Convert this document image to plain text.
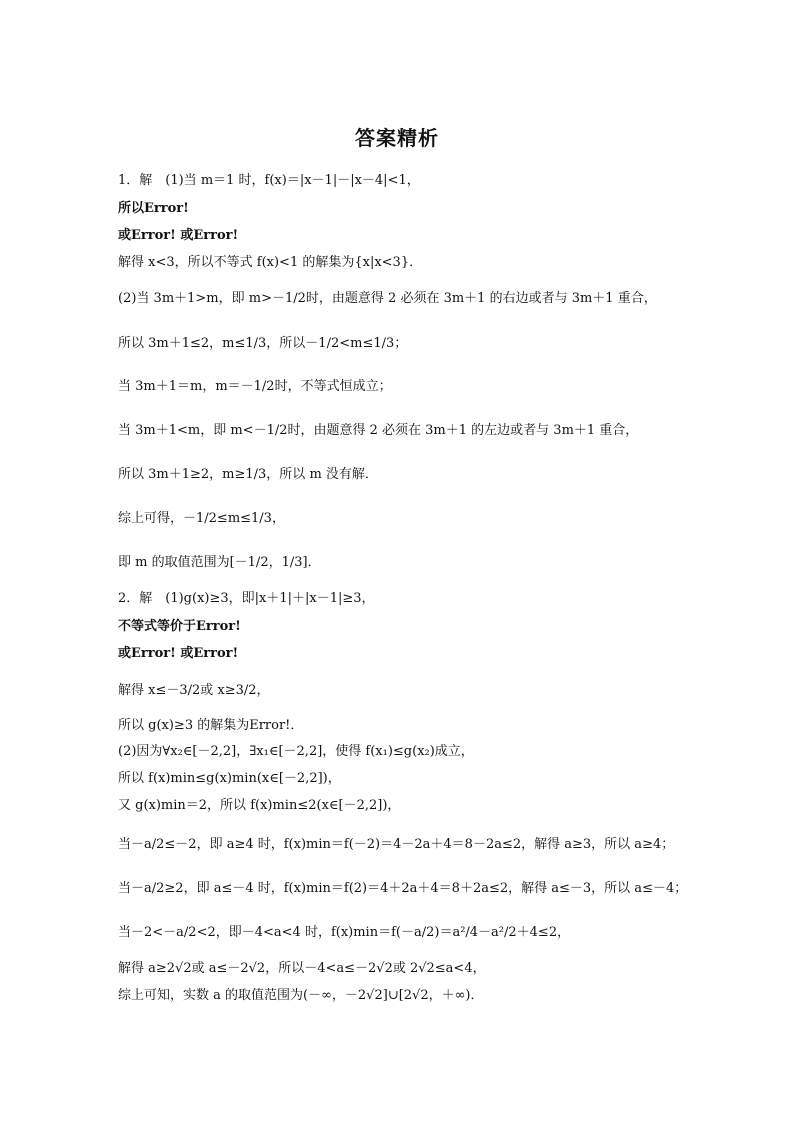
答案精析
1．解　(1)当 m＝1 时，f(x)＝|x－1|－|x－4|<1，
所以Error!
或Error! 或Error!
解得 x<3，所以不等式 f(x)<1 的解集为{x|x<3}．
(2)当 3m＋1>m，即 m>－1/2时，由题意得 2 必须在 3m＋1 的右边或者与 3m＋1 重合，
所以 3m＋1≤2，m≤1/3，所以－1/2<m≤1/3；
当 3m＋1＝m，m＝－1/2时，不等式恒成立；
当 3m＋1<m，即 m<－1/2时，由题意得 2 必须在 3m＋1 的左边或者与 3m＋1 重合，
所以 3m＋1≥2，m≥1/3，所以 m 没有解．
综上可得，－1/2≤m≤1/3，
即 m 的取值范围为[－1/2，1/3]．
2．解　(1)g(x)≥3，即|x＋1|＋|x－1|≥3，
不等式等价于Error!
或Error! 或Error!
解得 x≤－3/2或 x≥3/2，
所以 g(x)≥3 的解集为Error!．
(2)因为∀x₂∈[－2,2]，∃x₁∈[－2,2]，使得 f(x₁)≤g(x₂)成立，
所以 f(x)min≤g(x)min(x∈[－2,2])，
又 g(x)min＝2，所以 f(x)min≤2(x∈[－2,2])，
当－a/2≤－2，即 a≥4 时，f(x)min＝f(－2)＝4－2a＋4＝8－2a≤2，解得 a≥3，所以 a≥4；
当－a/2≥2，即 a≤－4 时，f(x)min＝f(2)＝4＋2a＋4＝8＋2a≤2，解得 a≤－3，所以 a≤－4；
当－2<－a/2<2，即－4<a<4 时，f(x)min＝f(－a/2)＝a²/4－a²/2＋4≤2，
解得 a≥2√2或 a≤－2√2，所以－4<a≤－2√2或 2√2≤a<4，
综上可知，实数 a 的取值范围为(－∞，－2√2]∪[2√2，＋∞)．
